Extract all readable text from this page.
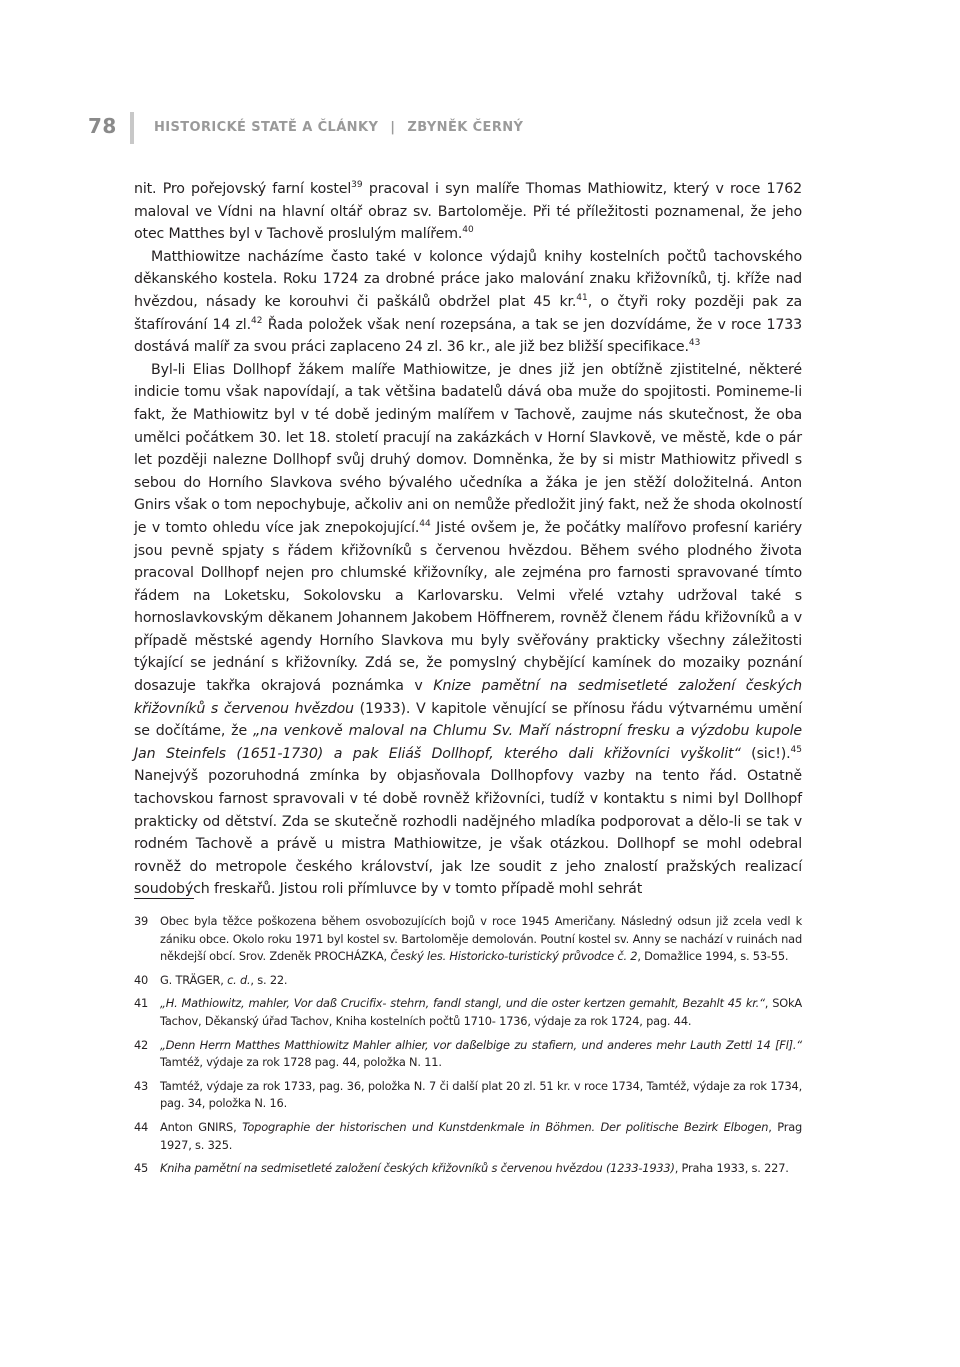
78	HISTORICKÉ STATĚ A ČLÁNKY | ZBYNĚK ČERNÝ

nit. Pro pořejovský farní kostel$^{39}$ pracoval i syn malíře Thomas Mathiowitz, který v roce 1762 maloval ve Vídni na hlavní oltář obraz sv. Bartoloměje. Při té příležitosti poznamenal, že jeho otec Matthes byl v Tachově proslulým malířem.$^{40}$

Matthiowitze nacházíme často také v kolonce výdajů knihy kostelních počtů tachovského děkanského kostela. Roku 1724 za drobné práce jako malování znaku křižovníků, tj. kříže nad hvězdou, násady ke korouhvi či paškálů obdržel plat 45 kr.$^{41}$, o čtyři roky později pak za štafírování 14 zl.$^{42}$ Řada položek však není rozepsána, a tak se jen dozvídáme, že v roce 1733 dostává malíř za svou práci zaplaceno 24 zl. 36 kr., ale již bez bližší specifikace.$^{43}$

Byl-li Elias Dollhopf žákem malíře Mathiowitze, je dnes již jen obtížně zjistitelné, některé indicie tomu však napovídají, a tak většina badatelů dává oba muže do spojitosti. Pomineme-li fakt, že Mathiowitz byl v té době jediným malířem v Tachově, zaujme nás skutečnost, že oba umělci počátkem 30. let 18. století pracují na zakázkách v Horní Slavkově, ve městě, kde o pár let později nalezne Dollhopf svůj druhý domov. Domněnka, že by si mistr Mathiowitz přivedl s sebou do Horního Slavkova svého bývalého učedníka a žáka je jen stěží doložitelná. Anton Gnirs však o tom nepochybuje, ačkoliv ani on nemůže předložit jiný fakt, než že shoda okolností je v tomto ohledu více jak znepokojující.$^{44}$ Jisté ovšem je, že počátky malířovo profesní kariéry jsou pevně spjaty s řádem křižovníků s červenou hvězdou. Během svého plodného života pracoval Dollhopf nejen pro chlumské křižovníky, ale zejména pro farnosti spravované tímto řádem na Loketsku, Sokolovsku a Karlovarsku. Velmi vřelé vztahy udržoval také s hornoslavkovským děkanem Johannem Jakobem Höffnerem, rovněž členem řádu křižovníků a v případě městské agendy Horního Slavkova mu byly svěřovány prakticky všechny záležitosti týkající se jednání s křižovníky. Zdá se, že pomyslný chybějící kamínek do mozaiky poznání dosazuje takřka okrajová poznámka v Knize pamětní na sedmisetleté založení českých křižovníků s červenou hvězdou (1933). V kapitole věnující se přínosu řádu výtvarnému umění se dočítáme, že „na venkově maloval na Chlumu Sv. Maří nástropní fresku a výzdobu kupole Jan Steinfels (1651-1730) a pak Eliáš Dollhopf, kterého dali křižovníci vyškolit“ (sic!).$^{45}$ Nanejvýš pozoruhodná zmínka by objasňovala Dollhopfovy vazby na tento řád. Ostatně tachovskou farnost spravovali v té době rovněž křižovníci, tudíž v kontaktu s nimi byl Dollhopf prakticky od dětství. Zda se skutečně rozhodli nadějného mladíka podporovat a dělo-li se tak v rodném Tachově a právě u mistra Mathiowitze, je však otázkou. Dollhopf se mohl odebral rovněž do metropole českého království, jak lze soudit z jeho znalostí pražských realizací soudobých freskařů. Jistou roli přímluvce by v tomto případě mohl sehrát

39 Obec byla těžce poškozena během osvobozujících bojů v roce 1945 Američany. Následný odsun již zcela vedl k zániku obce. Okolo roku 1971 byl kostel sv. Bartoloměje demolován. Poutní kostel sv. Anny se nachází v ruinách nad někdejší obcí. Srov. Zdeněk PROCHÁZKA, Český les. Historicko-turistický průvodce č. 2, Domažlice 1994, s. 53-55.
40 G. TRÄGER, c. d., s. 22.
41 „H. Mathiowitz, mahler, Vor daß Crucifix- stehrn, fandl stangl, und die oster kertzen gemahlt, Bezahlt 45 kr.“, SOkA Tachov, Děkanský úřad Tachov, Kniha kostelních počtů 1710- 1736, výdaje za rok 1724, pag. 44.
42 „Denn Herrn Matthes Matthiowitz Mahler alhier, vor daßelbige zu stafiern, und anderes mehr Lauth Zettl 14 [Fl].“ Tamtéž, výdaje za rok 1728 pag. 44, položka N. 11.
43 Tamtéž, výdaje za rok 1733, pag. 36, položka N. 7 či další plat 20 zl. 51 kr. v roce 1734, Tamtéž, výdaje za rok 1734, pag. 34, položka N. 16.
44 Anton GNIRS, Topographie der historischen und Kunstdenkmale in Böhmen. Der politische Bezirk Elbogen, Prag 1927, s. 325.
45 Kniha pamětní na sedmisetleté založení českých křižovníků s červenou hvězdou (1233-1933), Praha 1933, s. 227.
